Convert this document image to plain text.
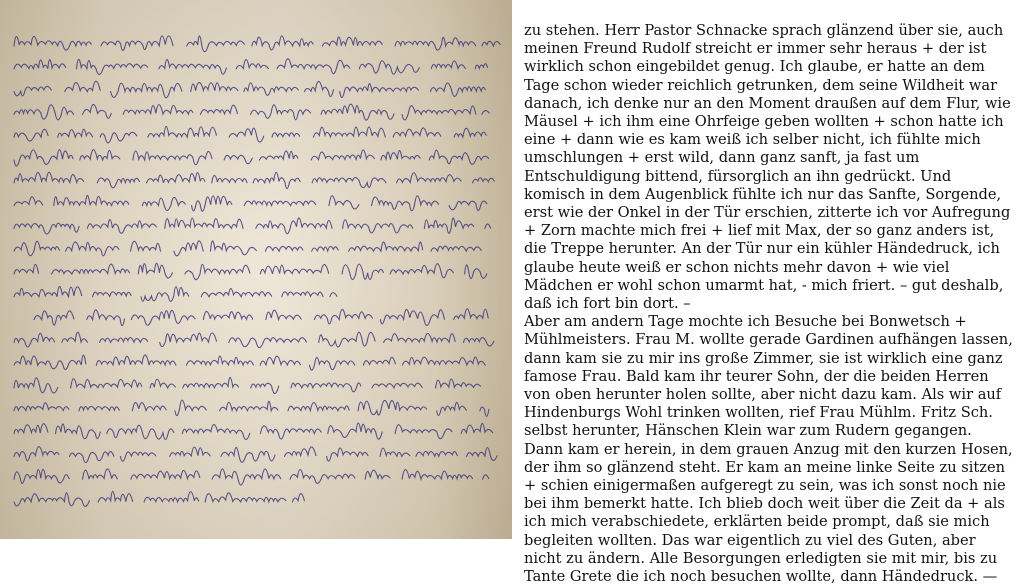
zu stehen. Herr Pastor Schnacke sprach glänzend über sie, auch meinen Freund Rudolf streicht er immer sehr heraus + der ist wirklich schon eingebildet genug. Ich glaube, er hatte an dem Tage schon wieder reichlich getrunken, dem seine Wildheit war danach, ich denke nur an den Moment draußen auf dem Flur, wie Mäusel + ich ihm eine Ohrfeige geben wollten + schon hatte ich eine + dann wie es kam weiß ich selber nicht, ich fühlte mich umschlungen + erst wild, dann ganz sanft, ja fast um Entschuldigung bittend, fürsorglich an ihn gedrückt. Und komisch in dem Augenblick fühlte ich nur das Sanfte, Sorgende, erst wie der Onkel in der Tür erschien, zitterte ich vor Aufregung + Zorn machte mich frei + lief mit Max, der so ganz anders ist, die Treppe herunter. An der Tür nur ein kühler Händedruck, ich glaube heute weiß er schon nichts mehr davon + wie viel Mädchen er wohl schon umarmt hat, - mich friert. – gut deshalb, daß ich fort bin dort. –

Aber am andern Tage mochte ich Besuche bei Bonwetsch + Mühlmeisters. Frau M. wollte gerade Gardinen aufhängen lassen, dann kam sie zu mir ins große Zimmer, sie ist wirklich eine ganz famose Frau. Bald kam ihr teurer Sohn, der die beiden Herren von oben herunter holen sollte, aber nicht dazu kam. Als wir auf Hindenburgs Wohl trinken wollten, rief Frau Mühlm. Fritz Sch. selbst herunter, Hänschen Klein war zum Rudern gegangen. Dann kam er herein, in dem grauen Anzug mit den kurzen Hosen, der ihm so glänzend steht. Er kam an meine linke Seite zu sitzen + schien einigermaßen aufgeregt zu sein, was ich sonst noch nie bei ihm bemerkt hatte. Ich blieb doch weit über die Zeit da + als ich mich verabschiedete, erklärten beide prompt, daß sie mich begleiten wollten. Das war eigentlich zu viel des Guten, aber nicht zu ändern. Alle Besorgungen erledigten sie mit mir, bis zu Tante Grete die ich noch besuchen wollte, dann Händedruck. —
